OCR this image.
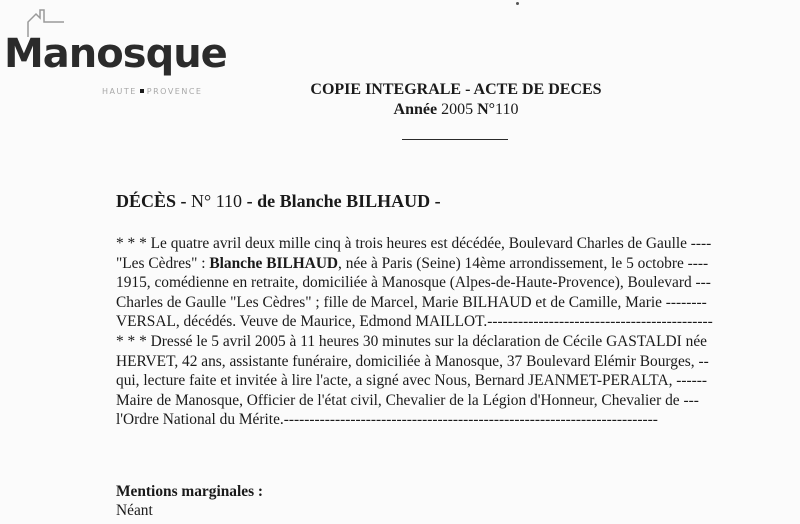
Manosque
HAUTE PROVENCE	COPIE INTEGRALE - ACTE DE DECES
Année 2005 N°110
DÉCÈS - N° 110 - de Blanche BILHAUD -
* * * Le quatre avril deux mille cinq à trois heures est décédée, Boulevard Charles de Gaulle ----
"Les Cèdres" : Blanche BILHAUD, née à Paris (Seine) 14ème arrondissement, le 5 octobre ----
1915, comédienne en retraite, domiciliée à Manosque (Alpes-de-Haute-Provence), Boulevard ---
Charles de Gaulle "Les Cèdres" ; fille de Marcel, Marie BILHAUD et de Camille, Marie --------
VERSAL, décédés. Veuve de Maurice, Edmond MAILLOT.--------------------------------------------
* * * Dressé le 5 avril 2005 à 11 heures 30 minutes sur la déclaration de Cécile GASTALDI née
HERVET, 42 ans, assistante funéraire, domiciliée à Manosque, 37 Boulevard Elémir Bourges, --
qui, lecture faite et invitée à lire l'acte, a signé avec Nous, Bernard JEANMET-PERALTA, ------
Maire de Manosque, Officier de l'état civil, Chevalier de la Légion d'Honneur, Chevalier de ---
l'Ordre National du Mérite.-------------------------------------------------------------------------
Mentions marginales :
Néant
